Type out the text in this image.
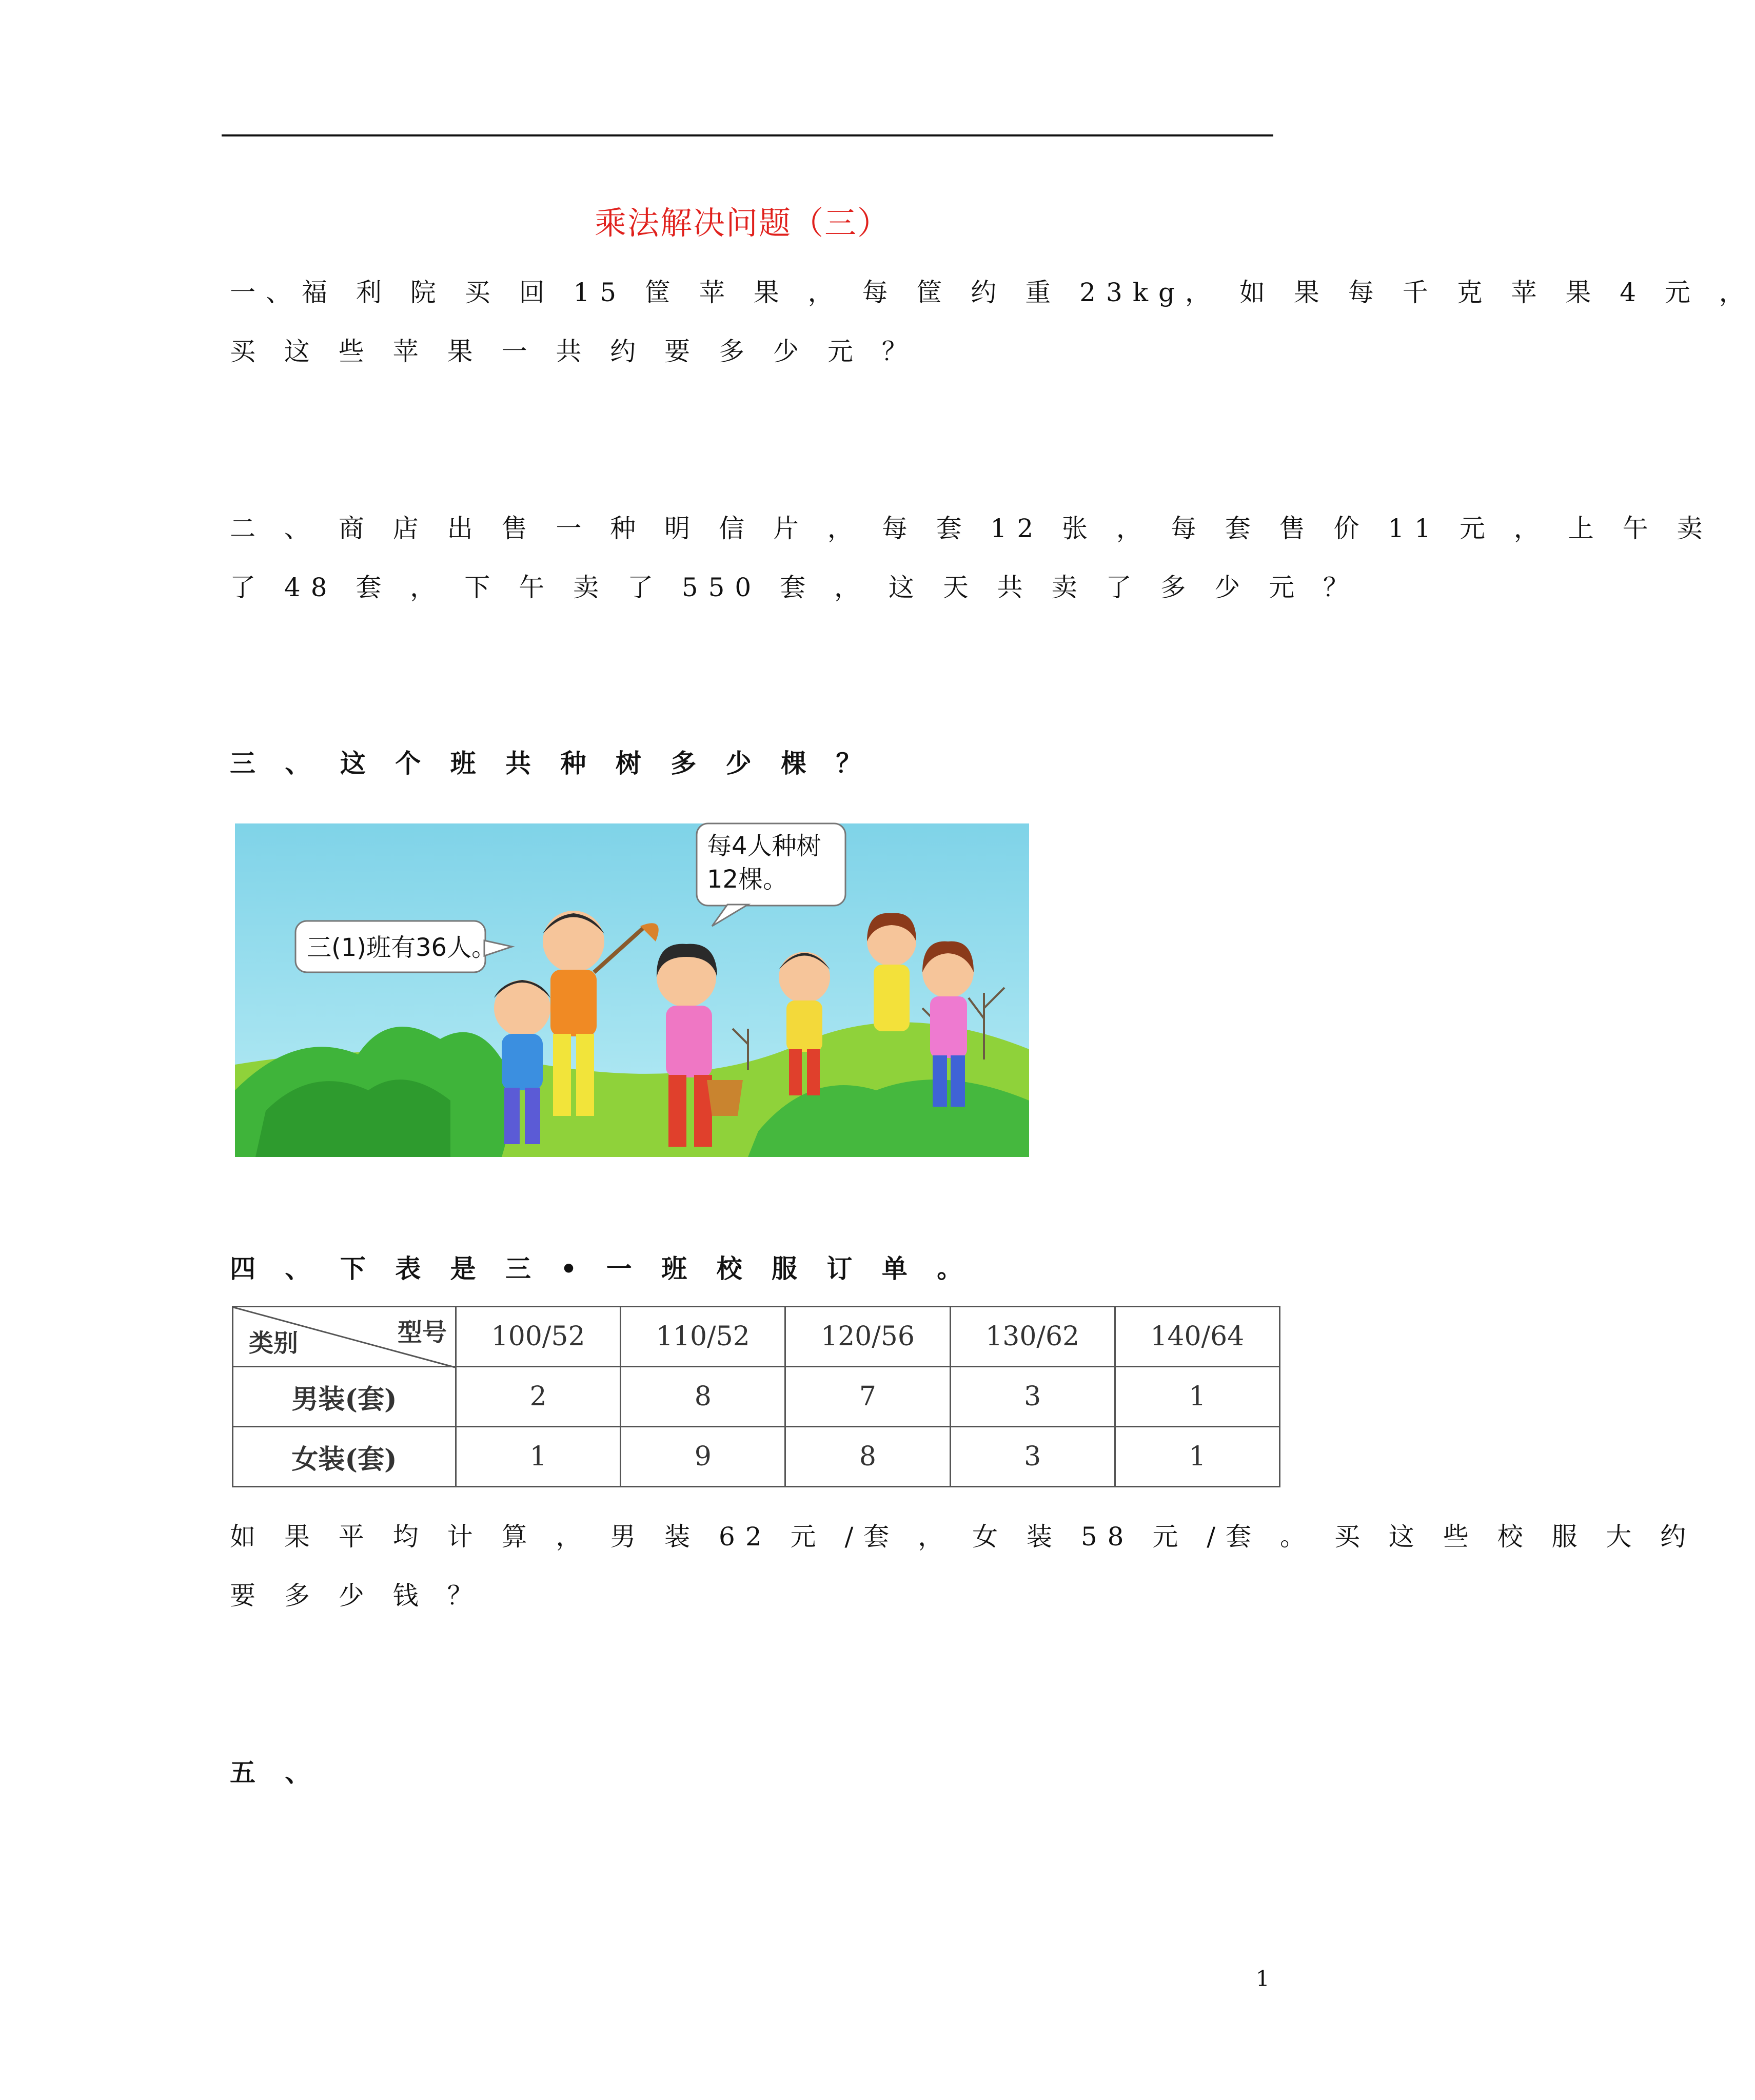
乘法解决问题（三）
一、福 利 院 买 回 15 筐 苹 果 ， 每 筐 约 重 23kg， 如 果 每 千 克 苹 果 4 元 ，
买 这 些 苹 果 一 共 约 要 多 少 元 ？
二 、 商 店 出 售 一 种 明 信 片 ， 每 套 12 张 ， 每 套 售 价 11 元 ， 上 午 卖
了 48 套 ， 下 午 卖 了 550 套 ， 这 天 共 卖 了 多 少 元 ？
三 、 这 个 班 共 种 树 多 少 棵 ？
三(1)班有36人。
每4人种树
12棵。
四 、 下 表 是 三 • 一 班 校 服 订 单 。
型号
类别	100/52	110/52	120/56	130/62	140/64
男装(套)	2	8	7	3	1
女装(套)	1	9	8	3	1
如 果 平 均 计 算 ， 男 装 62 元 /套 ， 女 装 58 元 /套 。 买 这 些 校 服 大 约
要 多 少 钱 ？
五 、
1
